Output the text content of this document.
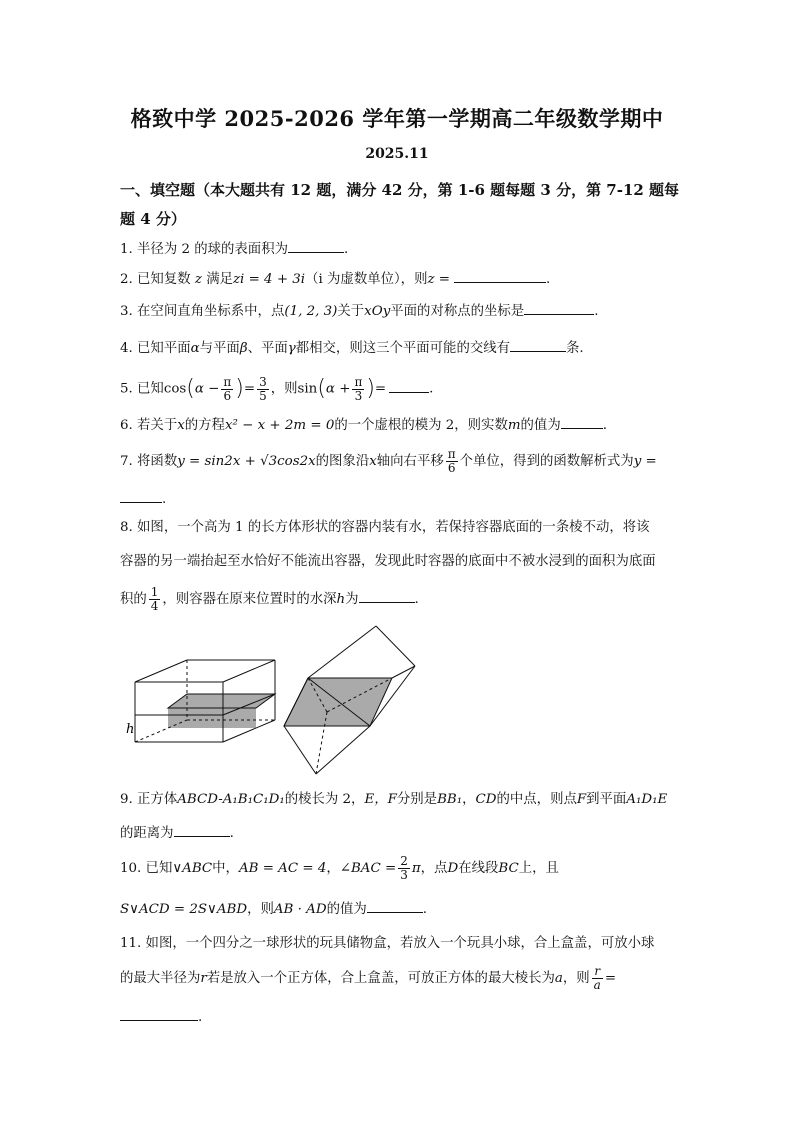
格致中学 2025-2026 学年第一学期高二年级数学期中
2025.11
一、填空题（本大题共有 12 题，满分 42 分，第 1-6 题每题 3 分，第 7-12 题每题 4 分）
1. 半径为 2 的球的表面积为	.
2. 已知复数 z 满足zi = 4 + 3i（i 为虚数单位），则z =	.
3. 在空间直角坐标系中，点(1, 2, 3)关于xOy平面的对称点的坐标是	.
4. 已知平面α与平面β、平面γ都相交，则这三个平面可能的交线有	条.
5. 已知$\cos(\alpha - \frac{\pi}{6}$ )= $\frac{3}{5}$ ，则$\sin(\alpha + \frac{\pi}{3}$ )=	.
6. 若关于x的方程x² − x + 2m = 0的一个虚根的模为 2，则实数m的值为	.
7. 将函数y = sin2x + √3cos2x的图象沿x轴向右平移 $\frac{\pi}{6}$ 个单位，得到的函数解析式为y =
.
8. 如图，一个高为 1 的长方体形状的容器内装有水，若保持容器底面的一条棱不动，将该
容器的另一端抬起至水恰好不能流出容器，发现此时容器的底面中不被水浸到的面积为底面
积的 $\frac{1}{4}$ ，则容器在原来位置时的水深h为	.
h
9. 正方体ABCD-A₁B₁C₁D₁的棱长为 2，E，F分别是BB₁，CD的中点，则点F到平面A₁D₁E
的距离为	.
10. 已知∨ABC中，AB = AC = 4，∠BAC = $\frac{2}{3}$ π，点D在线段BC上，且
S∨ACD = 2S∨ABD，则AB · AD的值为	.
11. 如图，一个四分之一球形状的玩具储物盒，若放入一个玩具小球，合上盒盖，可放小球
的最大半径为r若是放入一个正方体，合上盒盖，可放正方体的最大棱长为a，则 $\frac{r}{a}$ =
.
